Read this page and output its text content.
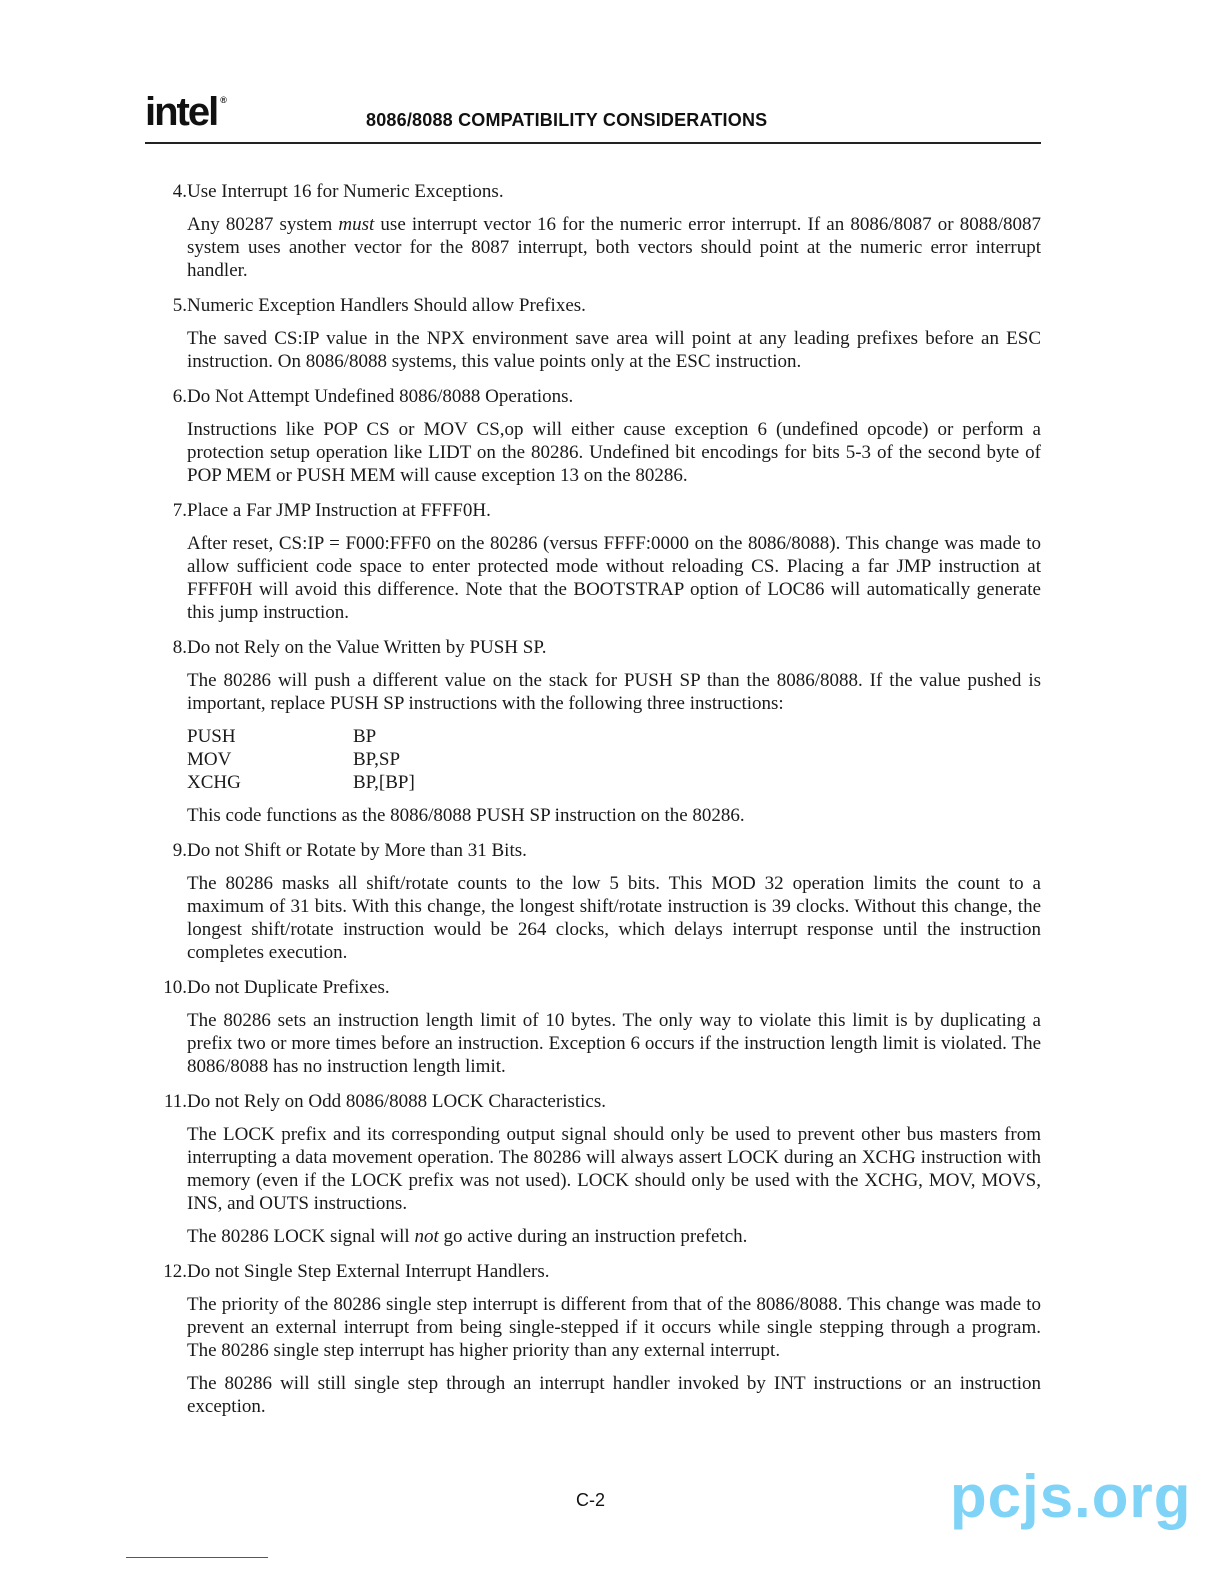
intel ®
8086/8088 COMPATIBILITY CONSIDERATIONS
4. Use Interrupt 16 for Numeric Exceptions.
Any 80287 system must use interrupt vector 16 for the numeric error interrupt. If an 8086/8087 or 8088/8087 system uses another vector for the 8087 interrupt, both vectors should point at the numeric error interrupt handler.
5. Numeric Exception Handlers Should allow Prefixes.
The saved CS:IP value in the NPX environment save area will point at any leading prefixes before an ESC instruction. On 8086/8088 systems, this value points only at the ESC instruction.
6. Do Not Attempt Undefined 8086/8088 Operations.
Instructions like POP CS or MOV CS,op will either cause exception 6 (undefined opcode) or perform a protection setup operation like LIDT on the 80286. Undefined bit encodings for bits 5-3 of the second byte of POP MEM or PUSH MEM will cause exception 13 on the 80286.
7. Place a Far JMP Instruction at FFFF0H.
After reset, CS:IP = F000:FFF0 on the 80286 (versus FFFF:0000 on the 8086/8088). This change was made to allow sufficient code space to enter protected mode without reloading CS. Placing a far JMP instruction at FFFF0H will avoid this difference. Note that the BOOTSTRAP option of LOC86 will automatically generate this jump instruction.
8. Do not Rely on the Value Written by PUSH SP.
The 80286 will push a different value on the stack for PUSH SP than the 8086/8088. If the value pushed is important, replace PUSH SP instructions with the following three instructions:
PUSH	BP
MOV	BP,SP
XCHG	BP,[BP]
This code functions as the 8086/8088 PUSH SP instruction on the 80286.
9. Do not Shift or Rotate by More than 31 Bits.
The 80286 masks all shift/rotate counts to the low 5 bits. This MOD 32 operation limits the count to a maximum of 31 bits. With this change, the longest shift/rotate instruction is 39 clocks. Without this change, the longest shift/rotate instruction would be 264 clocks, which delays interrupt response until the instruction completes execution.
10. Do not Duplicate Prefixes.
The 80286 sets an instruction length limit of 10 bytes. The only way to violate this limit is by duplicating a prefix two or more times before an instruction. Exception 6 occurs if the instruction length limit is violated. The 8086/8088 has no instruction length limit.
11. Do not Rely on Odd 8086/8088 LOCK Characteristics.
The LOCK prefix and its corresponding output signal should only be used to prevent other bus masters from interrupting a data movement operation. The 80286 will always assert LOCK during an XCHG instruction with memory (even if the LOCK prefix was not used). LOCK should only be used with the XCHG, MOV, MOVS, INS, and OUTS instructions.
The 80286 LOCK signal will not go active during an instruction prefetch.
12. Do not Single Step External Interrupt Handlers.
The priority of the 80286 single step interrupt is different from that of the 8086/8088. This change was made to prevent an external interrupt from being single-stepped if it occurs while single stepping through a program. The 80286 single step interrupt has higher priority than any external interrupt.
The 80286 will still single step through an interrupt handler invoked by INT instructions or an instruction exception.
C-2	pcjs.org
